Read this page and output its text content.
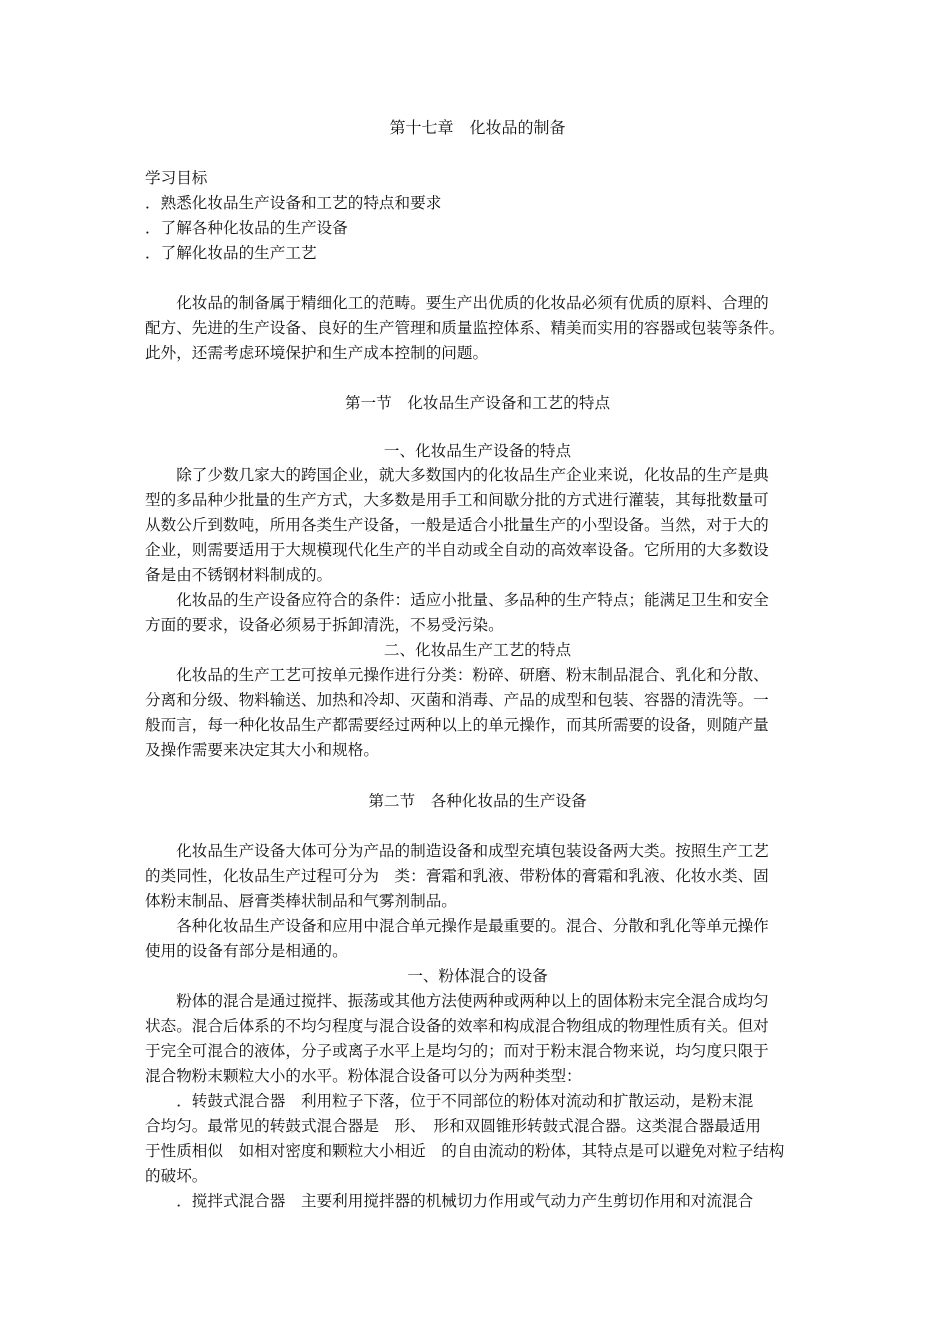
第十七章　化妆品的制备
学习目标
．熟悉化妆品生产设备和工艺的特点和要求
．了解各种化妆品的生产设备
．了解化妆品的生产工艺
　　化妆品的制备属于精细化工的范畴。要生产出优质的化妆品必须有优质的原料、合理的
配方、先进的生产设备、良好的生产管理和质量监控体系、精美而实用的容器或包装等条件。
此外，还需考虑环境保护和生产成本控制的问题。
第一节　化妆品生产设备和工艺的特点
一、化妆品生产设备的特点
　　除了少数几家大的跨国企业，就大多数国内的化妆品生产企业来说，化妆品的生产是典
型的多品种少批量的生产方式，大多数是用手工和间歇分批的方式进行灌装，其每批数量可
从数公斤到数吨，所用各类生产设备，一般是适合小批量生产的小型设备。当然，对于大的
企业，则需要适用于大规模现代化生产的半自动或全自动的高效率设备。它所用的大多数设
备是由不锈钢材料制成的。
　　化妆品的生产设备应符合的条件：适应小批量、多品种的生产特点；能满足卫生和安全
方面的要求，设备必须易于拆卸清洗，不易受污染。
二、化妆品生产工艺的特点
　　化妆品的生产工艺可按单元操作进行分类：粉碎、研磨、粉末制品混合、乳化和分散、
分离和分级、物料输送、加热和冷却、灭菌和消毒、产品的成型和包装、容器的清洗等。一
般而言，每一种化妆品生产都需要经过两种以上的单元操作，而其所需要的设备，则随产量
及操作需要来决定其大小和规格。
第二节　各种化妆品的生产设备
　　化妆品生产设备大体可分为产品的制造设备和成型充填包装设备两大类。按照生产工艺
的类同性，化妆品生产过程可分为　类：膏霜和乳液、带粉体的膏霜和乳液、化妆水类、固
体粉末制品、唇膏类棒状制品和气雾剂制品。
　　各种化妆品生产设备和应用中混合单元操作是最重要的。混合、分散和乳化等单元操作
使用的设备有部分是相通的。
一、粉体混合的设备
　　粉体的混合是通过搅拌、振荡或其他方法使两种或两种以上的固体粉末完全混合成均匀
状态。混合后体系的不均匀程度与混合设备的效率和构成混合物组成的物理性质有关。但对
于完全可混合的液体，分子或离子水平上是均匀的；而对于粉末混合物来说，均匀度只限于
混合物粉末颗粒大小的水平。粉体混合设备可以分为两种类型：
　　．转鼓式混合器　利用粒子下落，位于不同部位的粉体对流动和扩散运动，是粉末混
合均匀。最常见的转鼓式混合器是　形、　形和双圆锥形转鼓式混合器。这类混合器最适用
于性质相似　如相对密度和颗粒大小相近　的自由流动的粉体，其特点是可以避免对粒子结构
的破坏。
　　．搅拌式混合器　主要利用搅拌器的机械切力作用或气动力产生剪切作用和对流混合
